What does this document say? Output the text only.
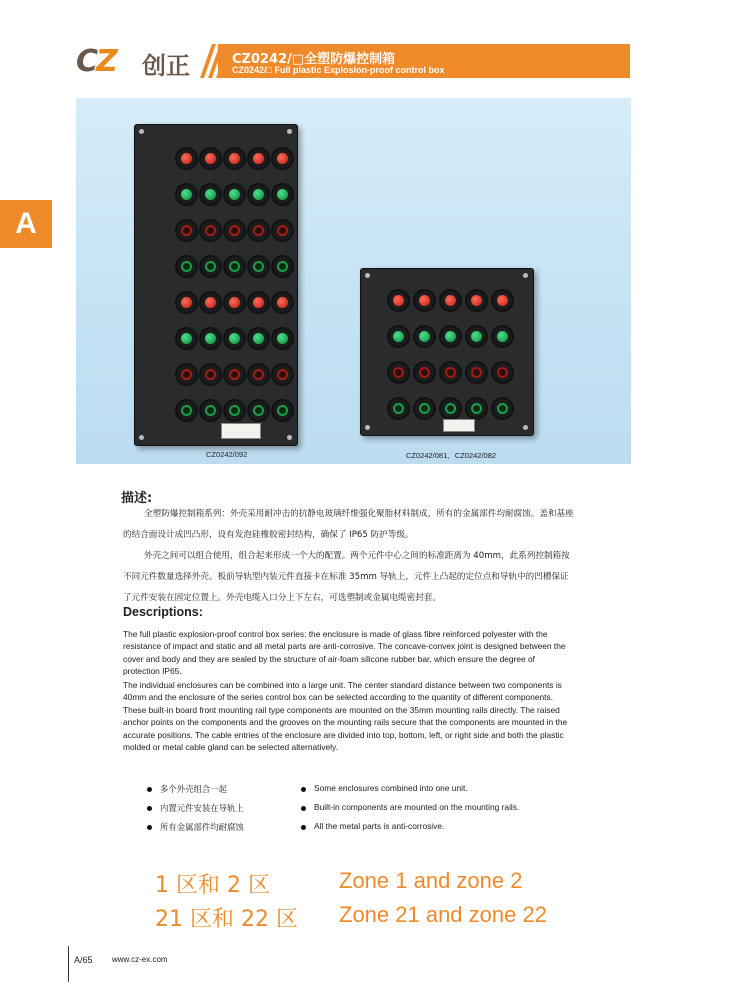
CZ 创正	CZ0242/□全塑防爆控制箱
CZ0242/□ Full plastic Explosion-proof control box
A
CZ0242/092	CZ0242/081、CZ0242/082
描述:

全塑防爆控制箱系列：外壳采用耐冲击的抗静电玻璃纤维强化聚脂材料制成，所有的金属部件均耐腐蚀。盖和基座的结合面设计成凹凸形，设有发泡硅橡胶密封结构，确保了 IP65 防护等级。

外壳之间可以组合使用，组合起来形成一个大的配置。两个元件中心之间的标准距离为 40mm，此系列控制箱按不同元件数量选择外壳。板前导轨型内装元件直接卡在标准 35mm 导轨上，元件上凸起的定位点和导轨中的凹槽保证了元件安装在固定位置上。外壳电缆入口分上下左右，可选塑制或金属电缆密封套。

Descriptions:

The full plastic explosion-proof control box series: the enclosure is made of glass fibre reinforced polyester with the resistance of impact and static and all metal parts are anti-corrosive. The concave-convex joint is designed between the cover and body and they are sealed by the structure of air-foam silicone rubber bar, which ensure the degree of protection IP65.

The individual enclosures can be combined into a large unit. The center standard distance between two components is 40mm and the enclosure of the series control box can be selected according to the quantity of different components. These built-in board front mounting rail type components are mounted on the 35mm mounting rails directly. The raised anchor points on the components and the grooves on the mounting rails secure that the components are mounted in the accurate positions. The cable entries of the enclosure are divided into top, bottom, left, or right side and both the plastic molded or metal cable gland can be selected alternatively.

多个外壳组合一起
内置元件安装在导轨上
所有金属部件均耐腐蚀
Some enclosures combined into one unit.
Built-in components are mounted on the mounting rails.
All the metal parts is anti-corrosive.
1 区和 2 区	Zone 1 and zone 2
21 区和 22 区 Zone 21 and zone 22
A/65 www.cz-ex.com
